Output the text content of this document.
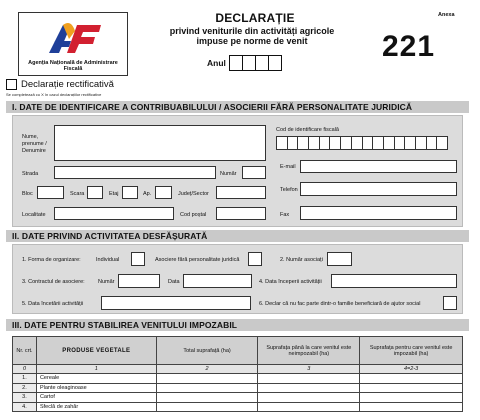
Agenția Națională de Administrare Fiscală
DECLARAȚIE
privind veniturile din activități agricole
impuse pe norme de venit
Anexa
221
Anul
Declarație rectificativă
Se completează cu X în cazul declarațiilor rectificative
I. DATE DE IDENTIFICARE A CONTRIBUABILULUI / ASOCIERII FĂRĂ PERSONALITATE JURIDICĂ
Nume,
prenume /
Denumire
Cod de identificare fiscală
Strada	Număr
E-mail
Bloc	Scara	Etaj	Ap.	Județ/Sector
Telefon
Localitate	Cod poștal	Fax
II. DATE PRIVIND ACTIVITATEA DESFĂȘURATĂ
1. Forma de organizare:	Individual	Asociere fără personalitate juridică	2. Număr asociați
3. Contractul de asociere: Număr	Data	4. Data începerii activității
5. Data încetării activității	6. Declar că nu fac parte dintr-o familie beneficiară de ajutor social
III. DATE PENTRU STABILIREA VENITULUI IMPOZABIL
Nr. crt.	PRODUSE VEGETALE	Total suprafață (ha)	Suprafața până la care venitul este neimpozabil (ha)	Suprafața pentru care venitul este impozabil (ha)
0	1	2	3	4=2-3
1.	Cereale			
2.	Plante oleaginoase			
3.	Cartof			
4.	Sfeclă de zahăr			
